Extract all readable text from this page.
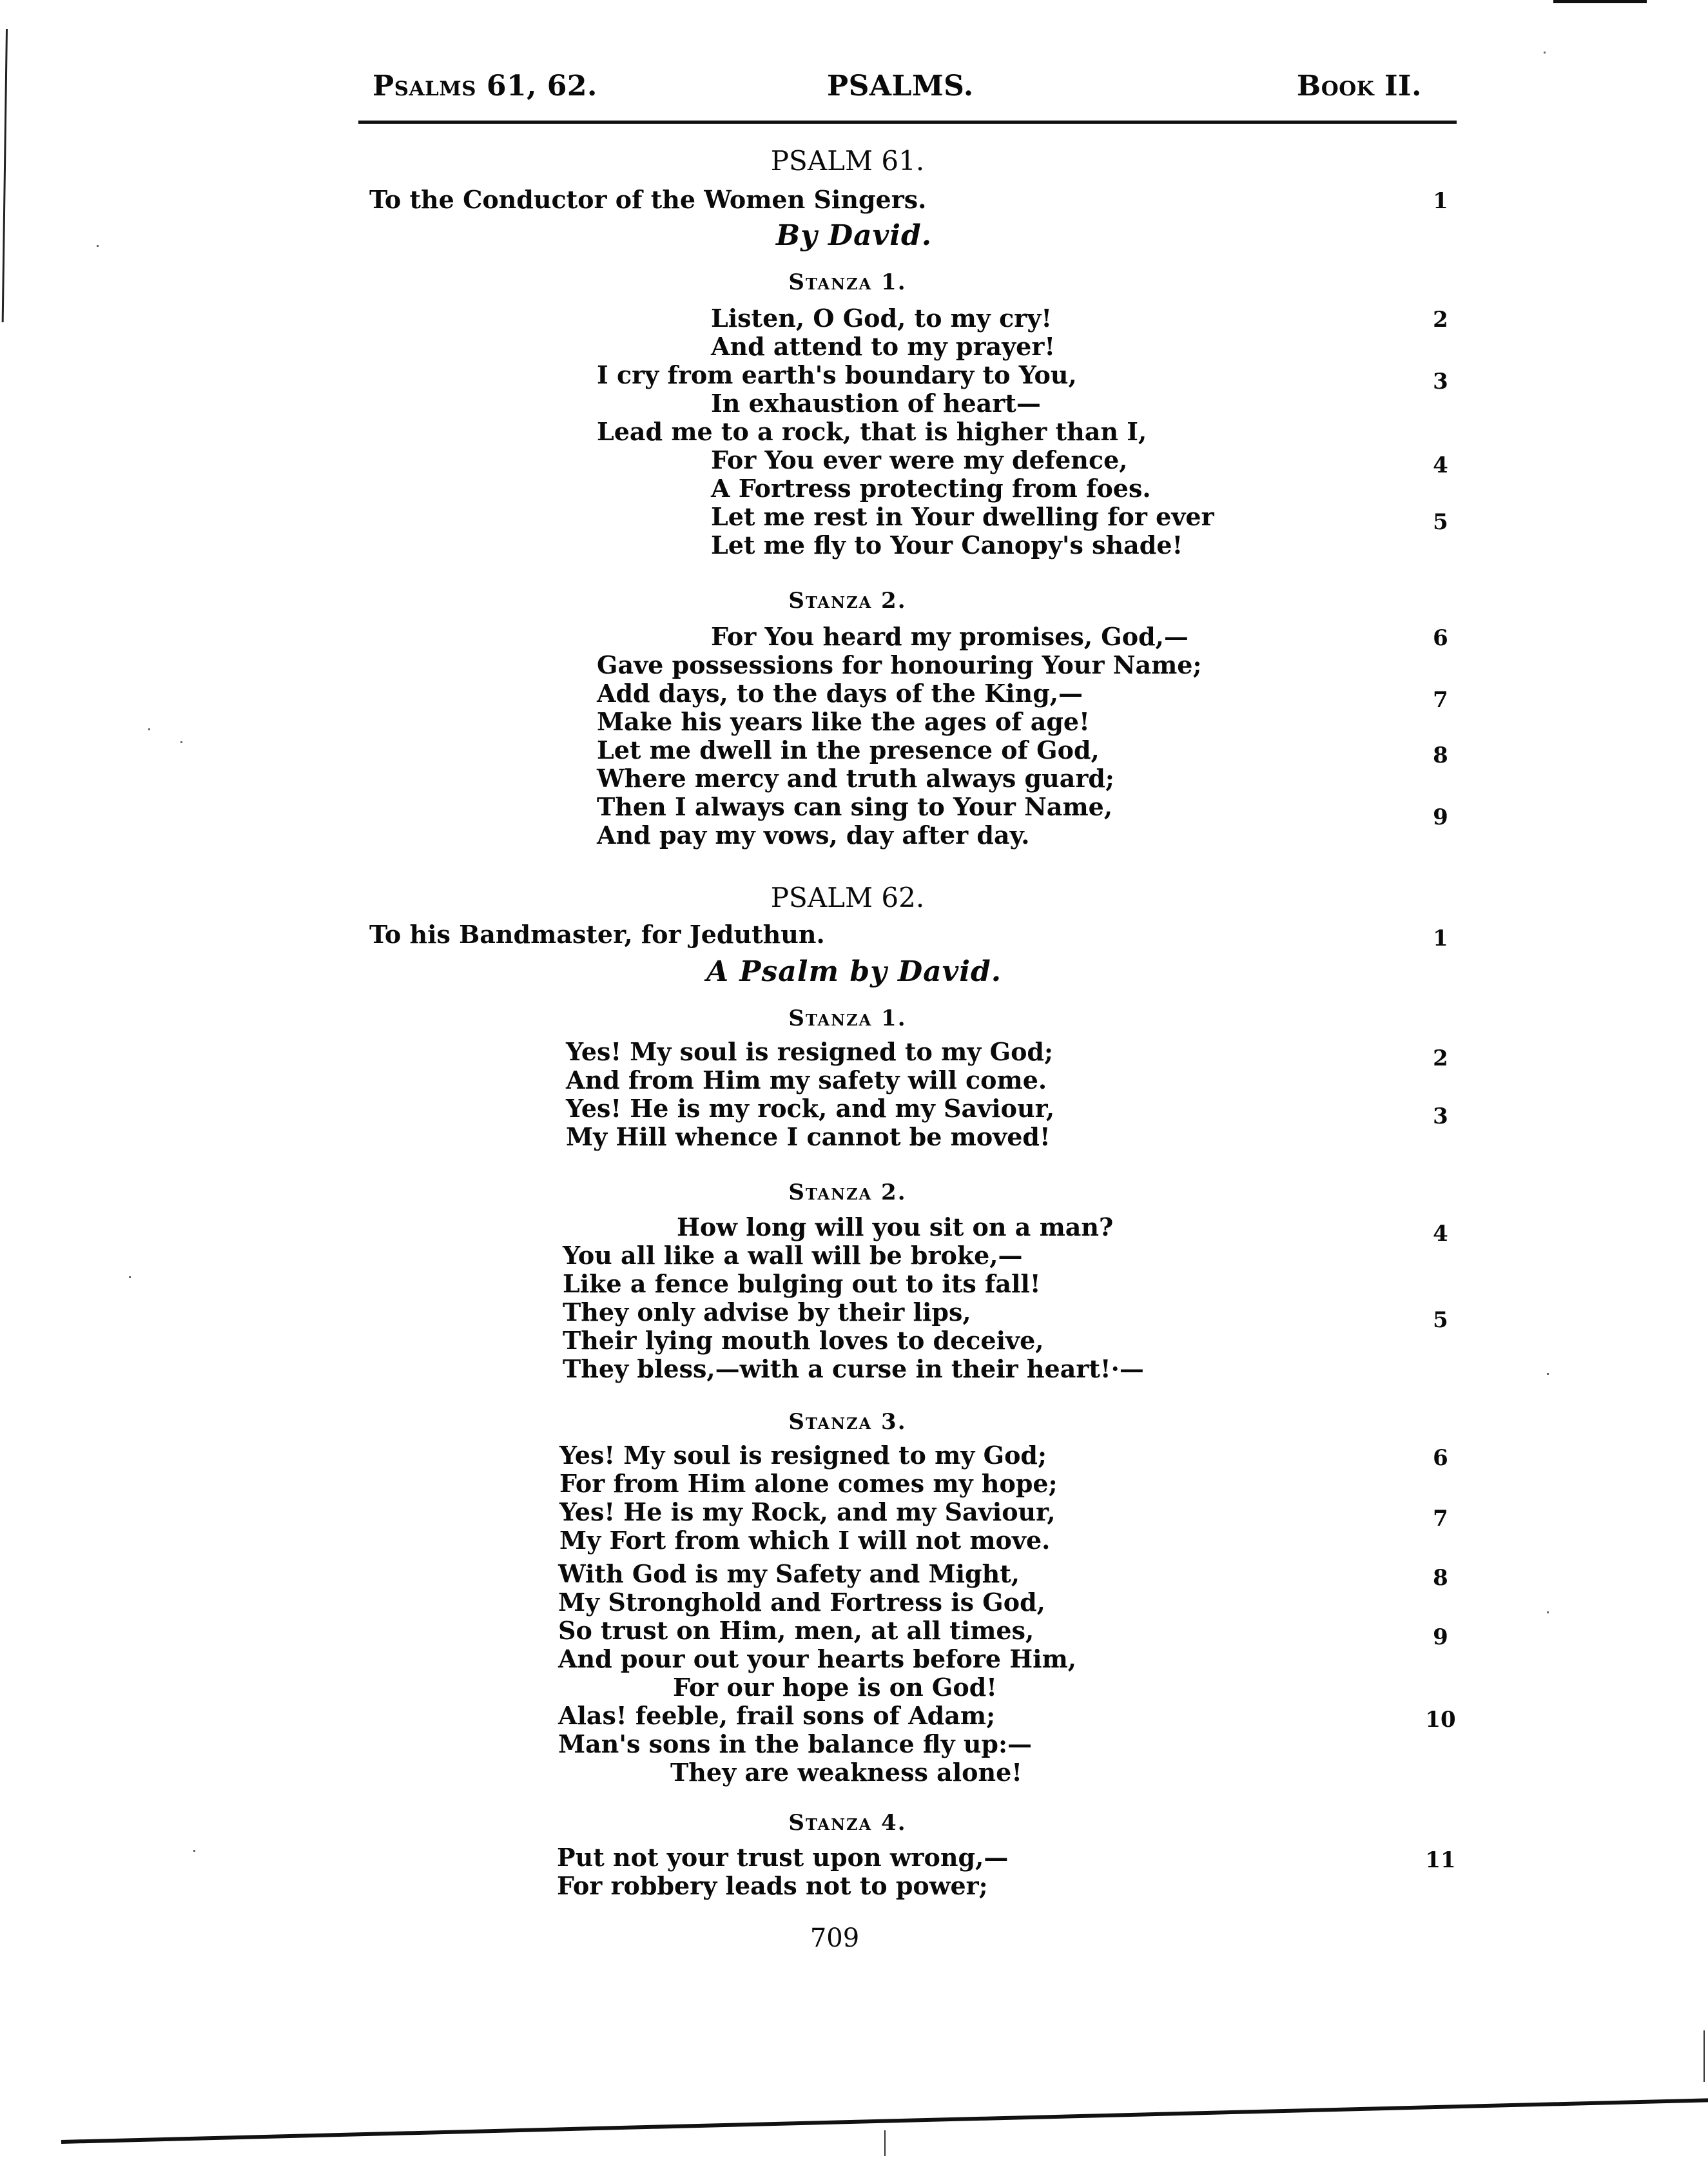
Psalms 61, 62.	PSALMS.	Book II.
PSALM 61.
To the Conductor of the Women Singers.	1
By David.
Stanza 1.
Listen, O God, to my cry!	2
And attend to my prayer!
I cry from earth's boundary to You,	3
In exhaustion of heart—
Lead me to a rock, that is higher than I,
For You ever were my defence,	4
A Fortress protecting from foes.
Let me rest in Your dwelling for ever	5
Let me fly to Your Canopy's shade!
Stanza 2.
For You heard my promises, God,—	6
Gave possessions for honouring Your Name;
Add days, to the days of the King,—	7
Make his years like the ages of age!
Let me dwell in the presence of God,	8
Where mercy and truth always guard;
Then I always can sing to Your Name,	9
And pay my vows, day after day.
PSALM 62.
To his Bandmaster, for Jeduthun.	1
A Psalm by David.
Stanza 1.
Yes! My soul is resigned to my God;	2
And from Him my safety will come.
Yes! He is my rock, and my Saviour,	3
My Hill whence I cannot be moved!
Stanza 2.
How long will you sit on a man?	4
You all like a wall will be broke,—
Like a fence bulging out to its fall!
They only advise by their lips,	5
Their lying mouth loves to deceive,
They bless,—with a curse in their heart!·—
Stanza 3.
Yes! My soul is resigned to my God;	6
For from Him alone comes my hope;
Yes! He is my Rock, and my Saviour,	7
My Fort from which I will not move.
With God is my Safety and Might,	8
My Stronghold and Fortress is God,
So trust on Him, men, at all times,	9
And pour out your hearts before Him,
For our hope is on God!
Alas! feeble, frail sons of Adam;	10
Man's sons in the balance fly up:—
They are weakness alone!
Stanza 4.
Put not your trust upon wrong,—	11
For robbery leads not to power;
709
